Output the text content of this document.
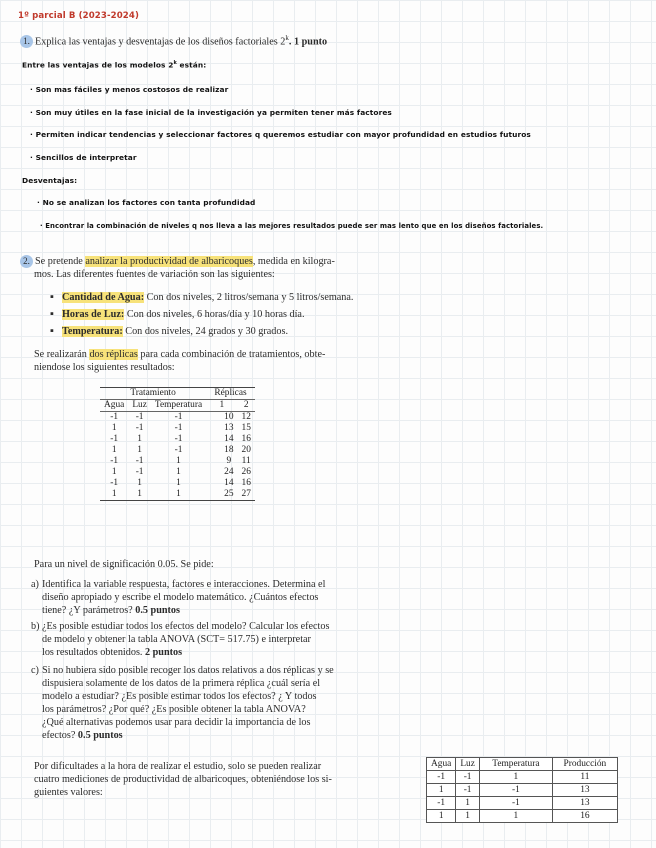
1º parcial B (2023-2024)
1. Explica las ventajas y desventajas de los diseños factoriales 2$^k$. 1 punto
Entre las ventajas de los modelos 2$^k$ están:
· Son mas fáciles y menos costosos de realizar
· Son muy útiles en la fase inicial de la investigación ya permiten tener más factores
· Permiten indicar tendencias y seleccionar factores q queremos estudiar con mayor profundidad en estudios futuros
· Sencillos de interpretar
Desventajas:
· No se analizan los factores con tanta profundidad
· Encontrar la combinación de niveles q nos lleva a las mejores resultados puede ser mas lento que en los diseños factoriales.
2. Se pretende analizar la productividad de albaricoques, medida en kilogra-
mos. Las diferentes fuentes de variación son las siguientes:
▪ Cantidad de Agua: Con dos niveles, 2 litros/semana y 5 litros/semana.
▪ Horas de Luz: Con dos niveles, 6 horas/día y 10 horas día.
▪ Temperatura: Con dos niveles, 24 grados y 30 grados.
Se realizarán dos réplicas para cada combinación de tratamientos, obte-
niendose los siguientes resultados:
Tratamiento			Réplicas	
Agua	Luz	Temperatura	1	2
-1	-1	-1	10	12
1	-1	-1	13	15
-1	1	-1	14	16
1	1	-1	18	20
-1	-1	1	9	11
1	-1	1	24	26
-1	1	1	14	16
1	1	1	25	27
Para un nivel de significación 0.05. Se pide:
a) Identifica la variable respuesta, factores e interacciones. Determina el
diseño apropiado y escribe el modelo matemático. ¿Cuántos efectos
tiene? ¿Y parámetros? 0.5 puntos
b) ¿Es posible estudiar todos los efectos del modelo? Calcular los efectos
de modelo y obtener la tabla ANOVA (SCT= 517.75) e interpretar
los resultados obtenidos. 2 puntos
c) Si no hubiera sido posible recoger los datos relativos a dos réplicas y se
dispusiera solamente de los datos de la primera réplica ¿cuál sería el
modelo a estudiar? ¿Es posible estimar todos los efectos? ¿ Y todos
los parámetros? ¿Por qué? ¿Es posible obtener la tabla ANOVA?
¿Qué alternativas podemos usar para decidir la importancia de los
efectos? 0.5 puntos
Por dificultades a la hora de realizar el estudio, solo se pueden realizar
cuatro mediciones de productividad de albaricoques, obteniéndose los si-
guientes valores:
Agua	Luz	Temperatura	Producción
-1	-1	1	11
1	-1	-1	13
-1	1	-1	13
1	1	1	16
